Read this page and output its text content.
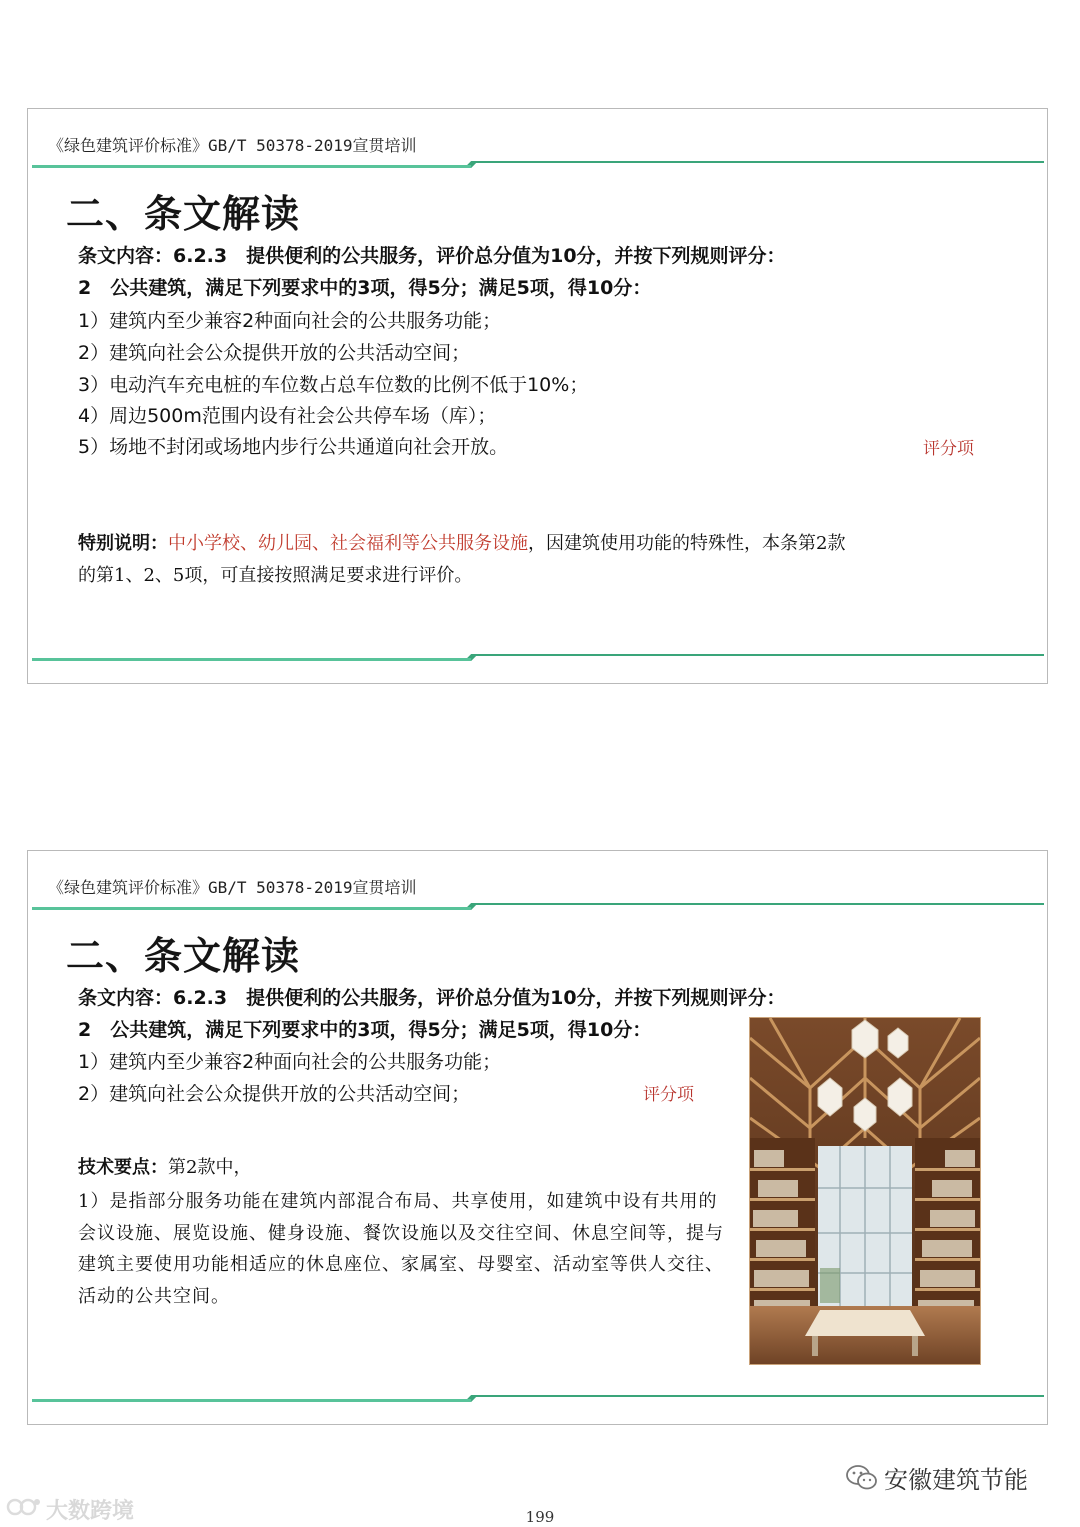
《绿色建筑评价标准》GB/T 50378-2019宣贯培训
二、条文解读
条文内容：6.2.3　提供便利的公共服务，评价总分值为10分，并按下列规则评分：
2　公共建筑，满足下列要求中的3项，得5分；满足5项，得10分：
1）建筑内至少兼容2种面向社会的公共服务功能；
2）建筑向社会公众提供开放的公共活动空间；
3）电动汽车充电桩的车位数占总车位数的比例不低于10%；
4）周边500m范围内设有社会公共停车场（库）；
5）场地不封闭或场地内步行公共通道向社会开放。	评分项
特别说明：中小学校、幼儿园、社会福利等公共服务设施，因建筑使用功能的特殊性，本条第2款
的第1、2、5项，可直接按照满足要求进行评价。
《绿色建筑评价标准》GB/T 50378-2019宣贯培训
二、条文解读
条文内容：6.2.3　提供便利的公共服务，评价总分值为10分，并按下列规则评分：
2　公共建筑，满足下列要求中的3项，得5分；满足5项，得10分：
1）建筑内至少兼容2种面向社会的公共服务功能；
2）建筑向社会公众提供开放的公共活动空间；	评分项
技术要点：第2款中，
1）是指部分服务功能在建筑内部混合布局、共享使用，如建筑中设有共用的会议设施、展览设施、健身设施、餐饮设施以及交往空间、休息空间等，提与建筑主要使用功能相适应的休息座位、家属室、母婴室、活动室等供人交往、活动的公共空间。
安徽建筑节能
大数跨境	199
